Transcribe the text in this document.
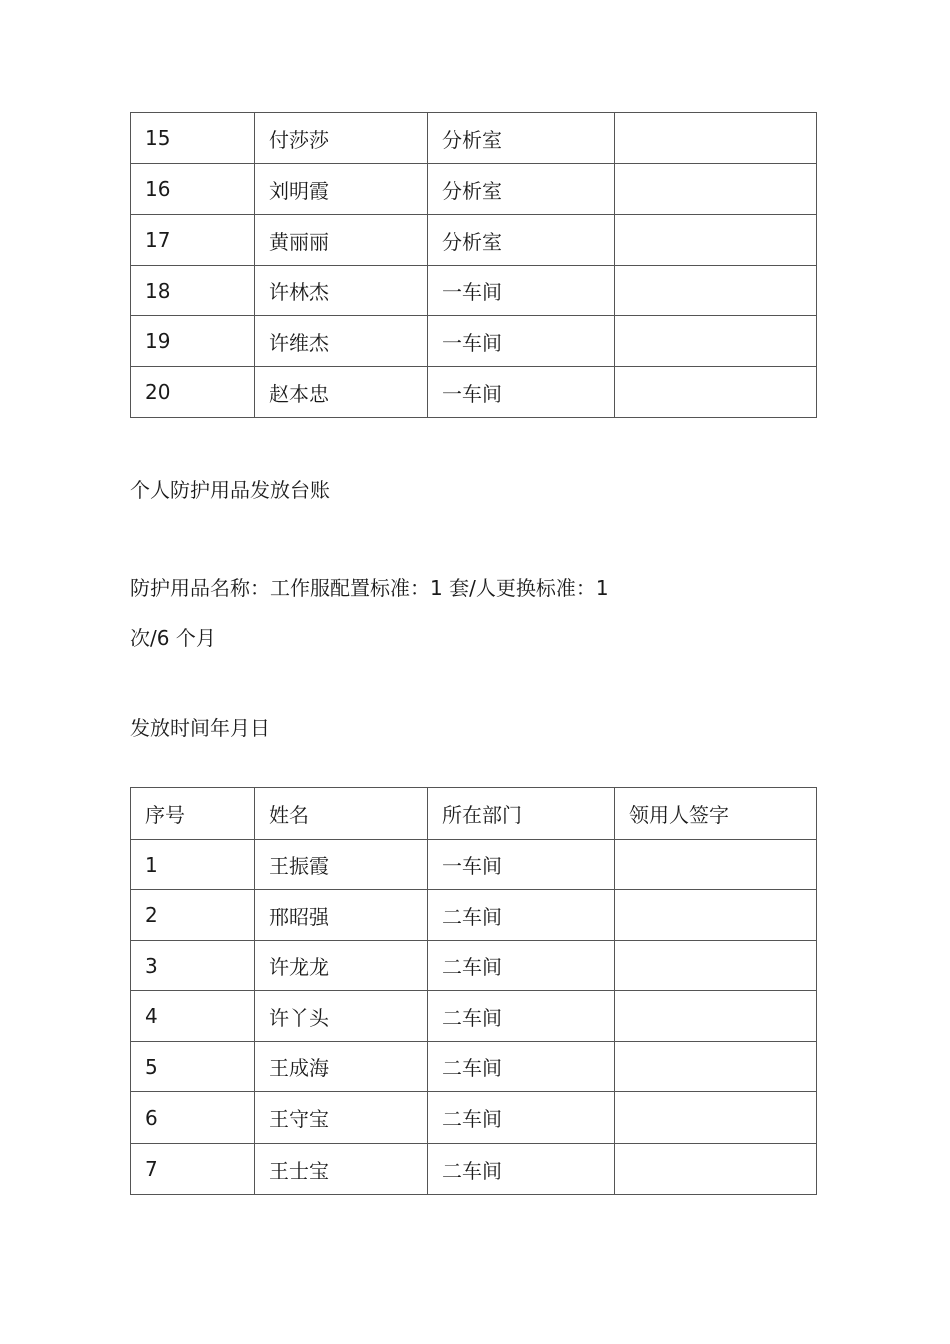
15	付莎莎	分析室	
16	刘明霞	分析室	
17	黄丽丽	分析室	
18	许林杰	一车间	
19	许维杰	一车间	
20	赵本忠	一车间	

个人防护用品发放台账

防护用品名称：工作服配置标准：1 套/人更换标准：1

次/6 个月

发放时间年月日

序号	姓名	所在部门	领用人签字
1	王振霞	一车间	
2	邢昭强	二车间	
3	许龙龙	二车间	
4	许丫头	二车间	
5	王成海	二车间	
6	王守宝	二车间	
7	王士宝	二车间	
